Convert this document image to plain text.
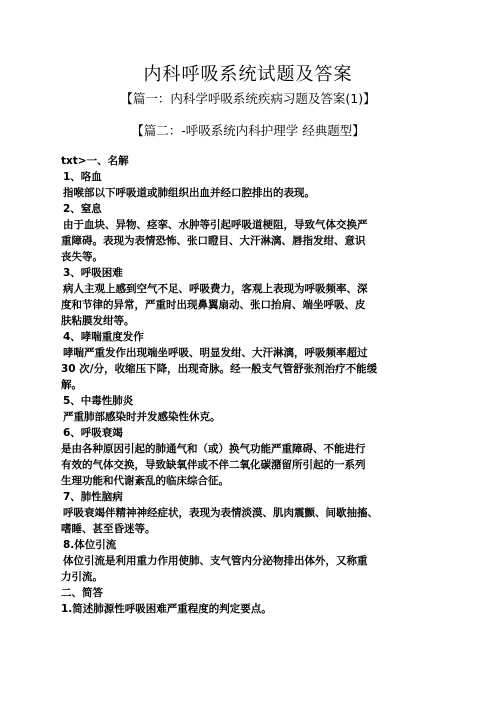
内科呼吸系统试题及答案
【篇一：内科学呼吸系统疾病习题及答案(1)】
【篇二：-呼吸系统内科护理学 经典题型】
txt>一、名解
1、咯血
指喉部以下呼吸道或肺组织出血并经口腔排出的表现。
2、窒息
由于血块、异物、痉挛、水肿等引起呼吸道梗阻，导致气体交换严
重障碍。表现为表情恐怖、张口瞪目、大汗淋漓、唇指发绀、意识
丧失等。
3、呼吸困难
病人主观上感到空气不足、呼吸费力，客观上表现为呼吸频率、深
度和节律的异常，严重时出现鼻翼扇动、张口抬肩、端坐呼吸、皮
肤粘膜发绀等。
4、哮喘重度发作
哮喘严重发作出现端坐呼吸、明显发绀、大汗淋漓，呼吸频率超过
30 次/分，收缩压下降，出现奇脉。经一般支气管舒张剂治疗不能缓
解。
5、中毒性肺炎
严重肺部感染时并发感染性休克。
6、呼吸衰竭
是由各种原因引起的肺通气和（或）换气功能严重障碍、不能进行
有效的气体交换，导致缺氧伴或不伴二氧化碳潴留所引起的一系列
生理功能和代谢紊乱的临床综合征。
7、肺性脑病
呼吸衰竭伴精神神经症状，表现为表情淡漠、肌肉震颤、间歇抽搐、
嗜睡、甚至昏迷等。
8.体位引流
体位引流是利用重力作用使肺、支气管内分泌物排出体外，又称重
力引流。
二、简答
1.简述肺源性呼吸困难严重程度的判定要点。
